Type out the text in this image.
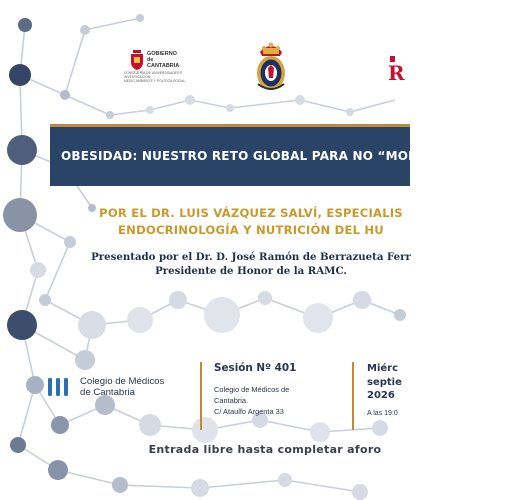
GOBIERNO
de
CANTABRIA
CONSEJERÍA DE UNIVERSIDADES E INVESTIGACIÓN,
MEDIO AMBIENTE Y POLÍTICA SOCIAL	R
OBESIDAD: NUESTRO RETO GLOBAL PARA NO “MORIR”
POR EL DR. LUIS VÁZQUEZ SALVÍ, ESPECIALIS
ENDOCRINOLOGÍA Y NUTRICIÓN DEL HU
Presentado por el Dr. D. José Ramón de Berrazueta Ferr
Presidente de Honor de la RAMC.
Colegio de Médicos
de Cantabria
Sesión Nº 401
Colegio de Médicos de
Cantabria.
C/ Ataulfo Argenta 33
Miérc
septie
2026
A las 19:0
Entrada libre hasta completar aforo
